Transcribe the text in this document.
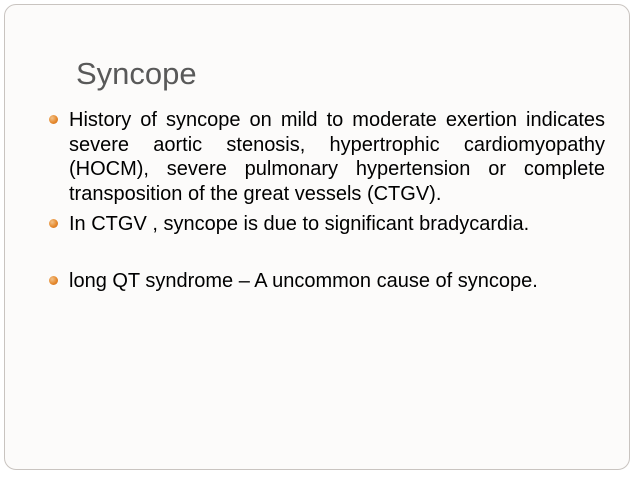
Syncope
History of syncope on mild to moderate exertion indicates severe aortic stenosis, hypertrophic cardiomyopathy (HOCM), severe pulmonary hypertension or complete transposition of the great vessels (CTGV).
In CTGV , syncope is due to significant bradycardia.
long QT syndrome – A uncommon cause of syncope.
